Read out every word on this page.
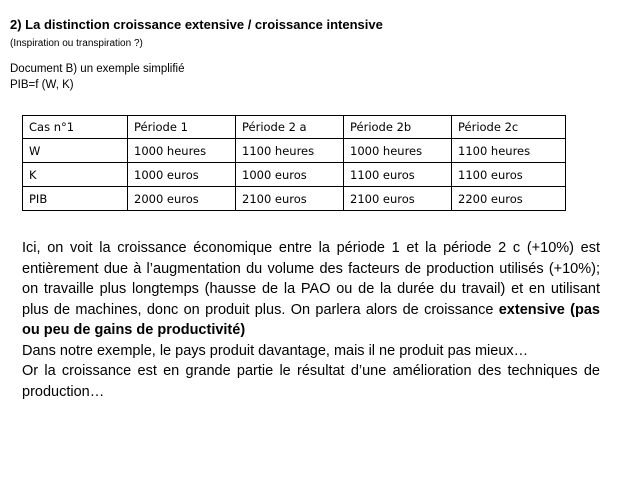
2) La distinction croissance extensive / croissance intensive
(Inspiration ou transpiration ?)
Document B) un exemple simplifié
PIB=f (W, K)
Cas n°1	Période 1	Période 2 a	Période 2b	Période 2c
W	1000 heures	1100 heures	1000 heures	1100 heures
K	1000 euros	1000 euros	1100 euros	1100 euros
PIB	2000 euros	2100 euros	2100 euros	2200 euros

Ici, on voit la croissance économique entre la période 1 et la période 2 c (+10%) est entièrement due à l’augmentation du volume des facteurs de production utilisés (+10%); on travaille plus longtemps (hausse de la PAO ou de la durée du travail) et en utilisant plus de machines, donc on produit plus. On parlera alors de croissance extensive (pas ou peu de gains de productivité)

Dans notre exemple, le pays produit davantage, mais il ne produit pas mieux…

Or la croissance est en grande partie le résultat d’une amélioration des techniques de production…
